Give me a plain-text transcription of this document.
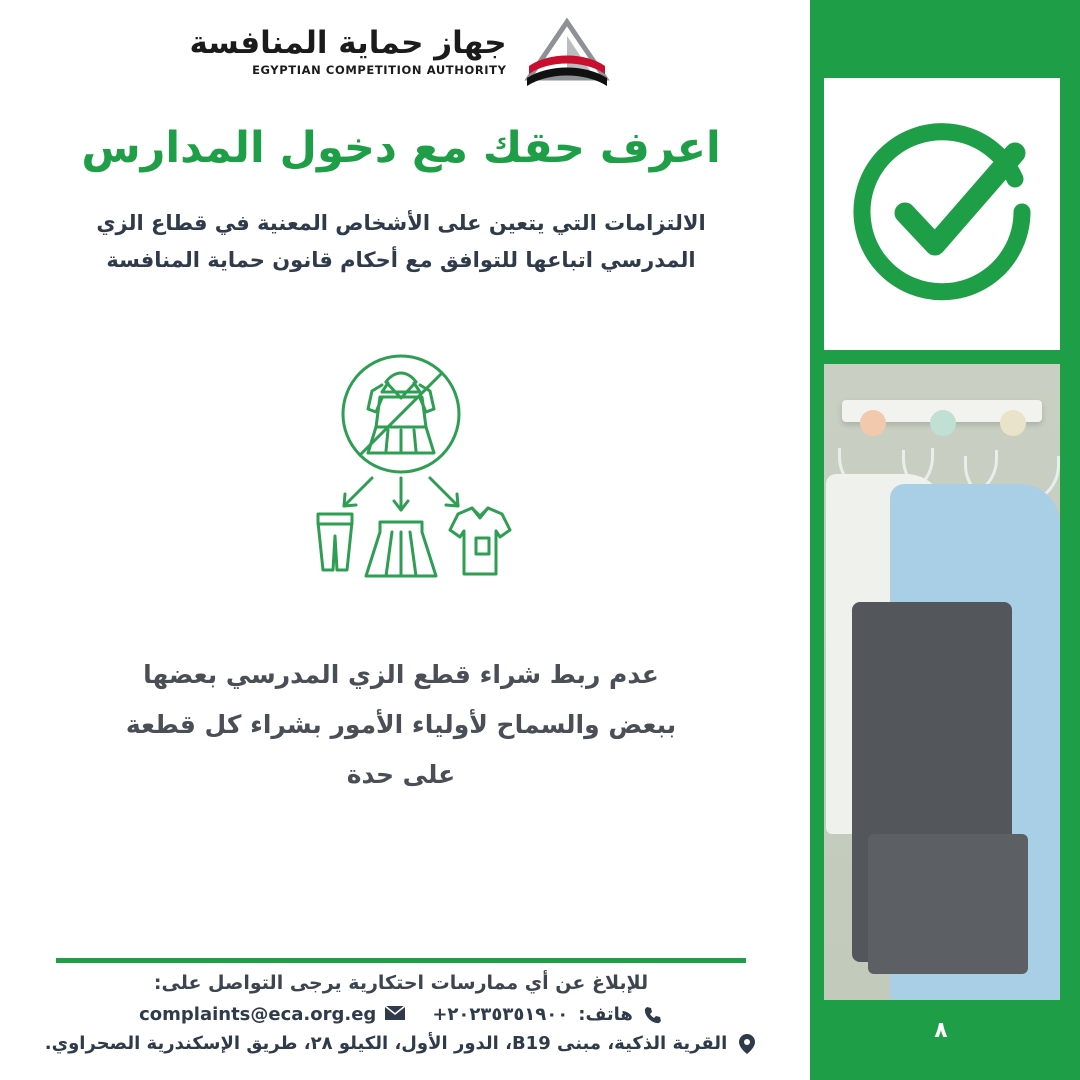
٨
جهاز حماية المنافسة
EGYPTIAN COMPETITION AUTHORITY
اعرف حقك مع دخول المدارس
الالتزامات التي يتعين على الأشخاص المعنية في قطاع الزي المدرسي اتباعها للتوافق مع أحكام قانون حماية المنافسة
عدم ربط شراء قطع الزي المدرسي بعضها ببعض والسماح لأولياء الأمور بشراء كل قطعة على حدة
للإبلاغ عن أي ممارسات احتكارية يرجى التواصل على:
هاتف:
+٢٠٢٣٥٣٥١٩٠٠
complaints@eca.org.eg
القرية الذكية، مبنى B19، الدور الأول، الكيلو ٢٨، طريق الإسكندرية الصحراوي.
